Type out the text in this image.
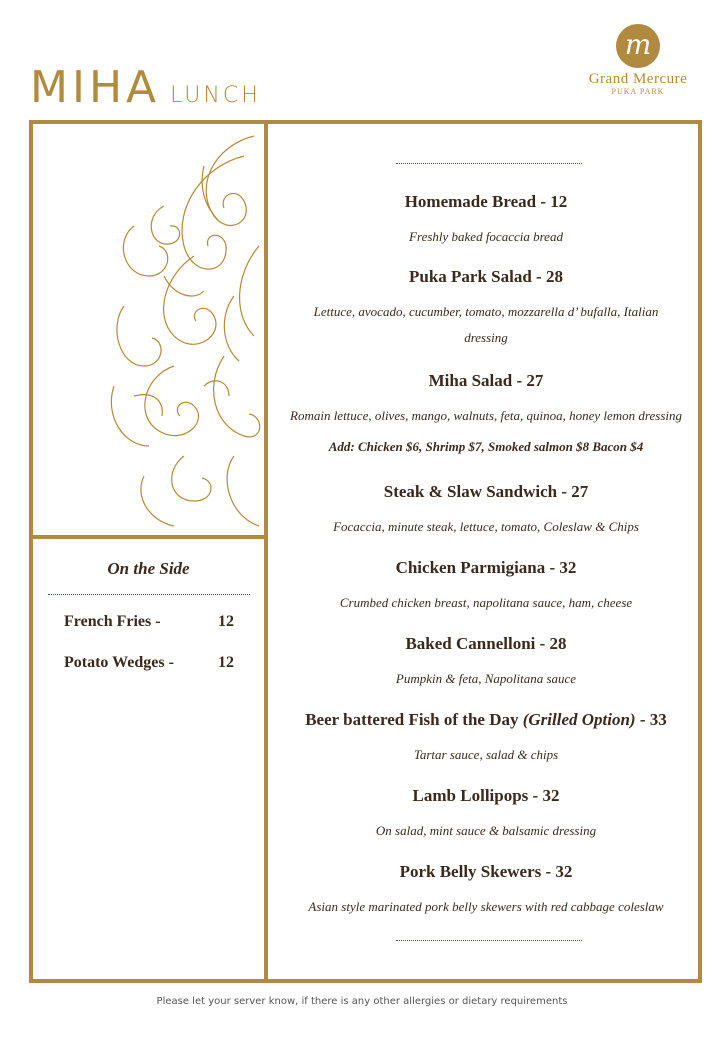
MIHA LUNCH
m
Grand Mercure
PUKA PARK
On the Side
French Fries -	12
Potato Wedges -	12
Homemade Bread - 12
Freshly baked focaccia bread
Puka Park Salad - 28
Lettuce, avocado, cucumber, tomato, mozzarella d’ bufalla, Italian dressing
Miha Salad - 27
Romain lettuce, olives, mango, walnuts, feta, quinoa, honey lemon dressing
Add: Chicken $6, Shrimp $7, Smoked salmon $8 Bacon $4
Steak & Slaw Sandwich - 27
Focaccia, minute steak, lettuce, tomato, Coleslaw & Chips
Chicken Parmigiana - 32
Crumbed chicken breast, napolitana sauce, ham, cheese
Baked Cannelloni - 28
Pumpkin & feta, Napolitana sauce
Beer battered Fish of the Day (Grilled Option) - 33
Tartar sauce, salad & chips
Lamb Lollipops - 32
On salad, mint sauce & balsamic dressing
Pork Belly Skewers - 32
Asian style marinated pork belly skewers with red cabbage coleslaw
Please let your server know, if there is any other allergies or dietary requirements
